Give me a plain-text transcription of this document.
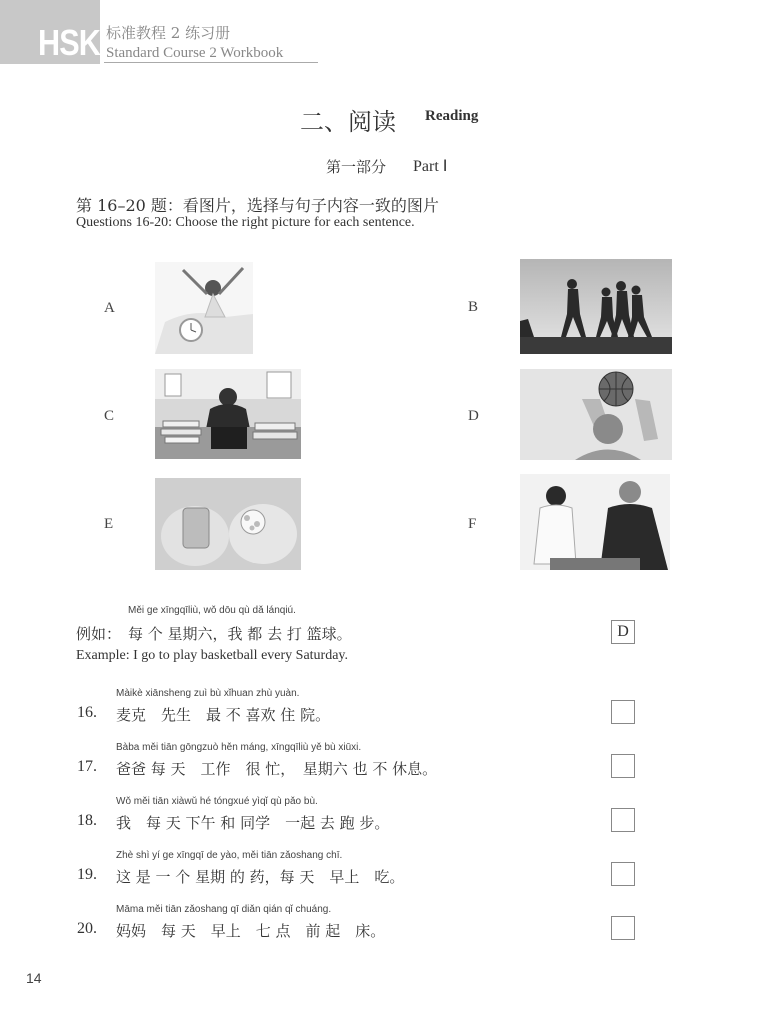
HSK 标准教程 2 练习册
Standard Course 2 Workbook
二、阅读 Reading
第一部分 Part Ⅰ
第 16–20 题：看图片，选择与句子内容一致的图片
Questions 16-20: Choose the right picture for each sentence.
A	B
C	D
E	F
Měi ge xīngqīliù, wǒ dōu qù dǎ lánqiú.
例如： 每 个 星期六，我 都 去 打 篮球。
Example: I go to play basketball every Saturday.
D
Màikè xiānsheng zuì bù xǐhuan zhù yuàn.
16. 麦克　先生　最 不 喜欢 住 院。
Bàba měi tiān gōngzuò hěn máng, xīngqīliù yě bù xiūxi.
17. 爸爸 每 天　工作　很 忙，　星期六 也 不 休息。
Wǒ měi tiān xiàwǔ hé tóngxué yìqǐ qù pǎo bù.
18. 我　每 天 下午 和 同学　一起 去 跑 步。
Zhè shì yí ge xīngqī de yào, měi tiān zǎoshang chī.
19. 这 是 一 个 星期 的 药，每 天　早上　吃。
Māma měi tiān zǎoshang qī diǎn qián qǐ chuáng.
20. 妈妈　每 天　早上　七 点　前 起　床。
14
